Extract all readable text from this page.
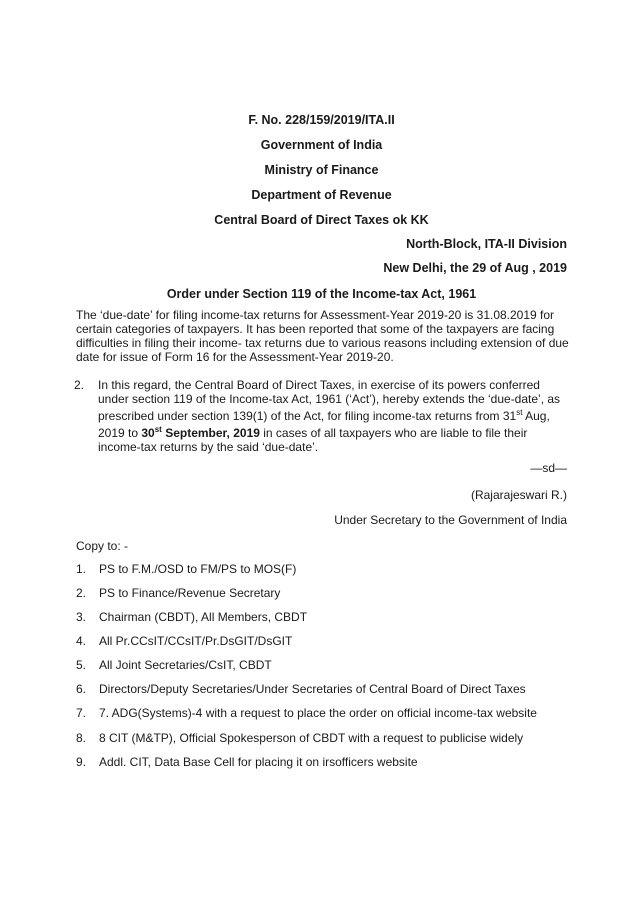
F. No. 228/159/2019/ITA.II
Government of India
Ministry of Finance
Department of Revenue
Central Board of Direct Taxes ok KK
North-Block, ITA-II Division
New Delhi, the 29 of Aug , 2019
Order under Section 119 of the Income-tax Act, 1961
The ‘due-date’ for filing income-tax returns for Assessment-Year 2019-20 is 31.08.2019 for certain categories of taxpayers. It has been reported that some of the taxpayers are facing difficulties in filing their income- tax returns due to various reasons including extension of due date for issue of Form 16 for the Assessment-Year 2019-20.
2. In this regard, the Central Board of Direct Taxes, in exercise of its powers conferred under section 119 of the Income-tax Act, 1961 (‘Act’), hereby extends the ‘due-date’, as prescribed under section 139(1) of the Act, for filing income-tax returns from 31st Aug, 2019 to 30st September, 2019 in cases of all taxpayers who are liable to file their income-tax returns by the said ‘due-date’.
—sd—
(Rajarajeswari R.)
Under Secretary to the Government of India
Copy to: -
1. PS to F.M./OSD to FM/PS to MOS(F)
2. PS to Finance/Revenue Secretary
3. Chairman (CBDT), All Members, CBDT
4. All Pr.CCsIT/CCsIT/Pr.DsGIT/DsGIT
5. All Joint Secretaries/CsIT, CBDT
6. Directors/Deputy Secretaries/Under Secretaries of Central Board of Direct Taxes
7. 7. ADG(Systems)-4 with a request to place the order on official income-tax website
8. 8 CIT (M&TP), Official Spokesperson of CBDT with a request to publicise widely
9. Addl. CIT, Data Base Cell for placing it on irsofficers website
